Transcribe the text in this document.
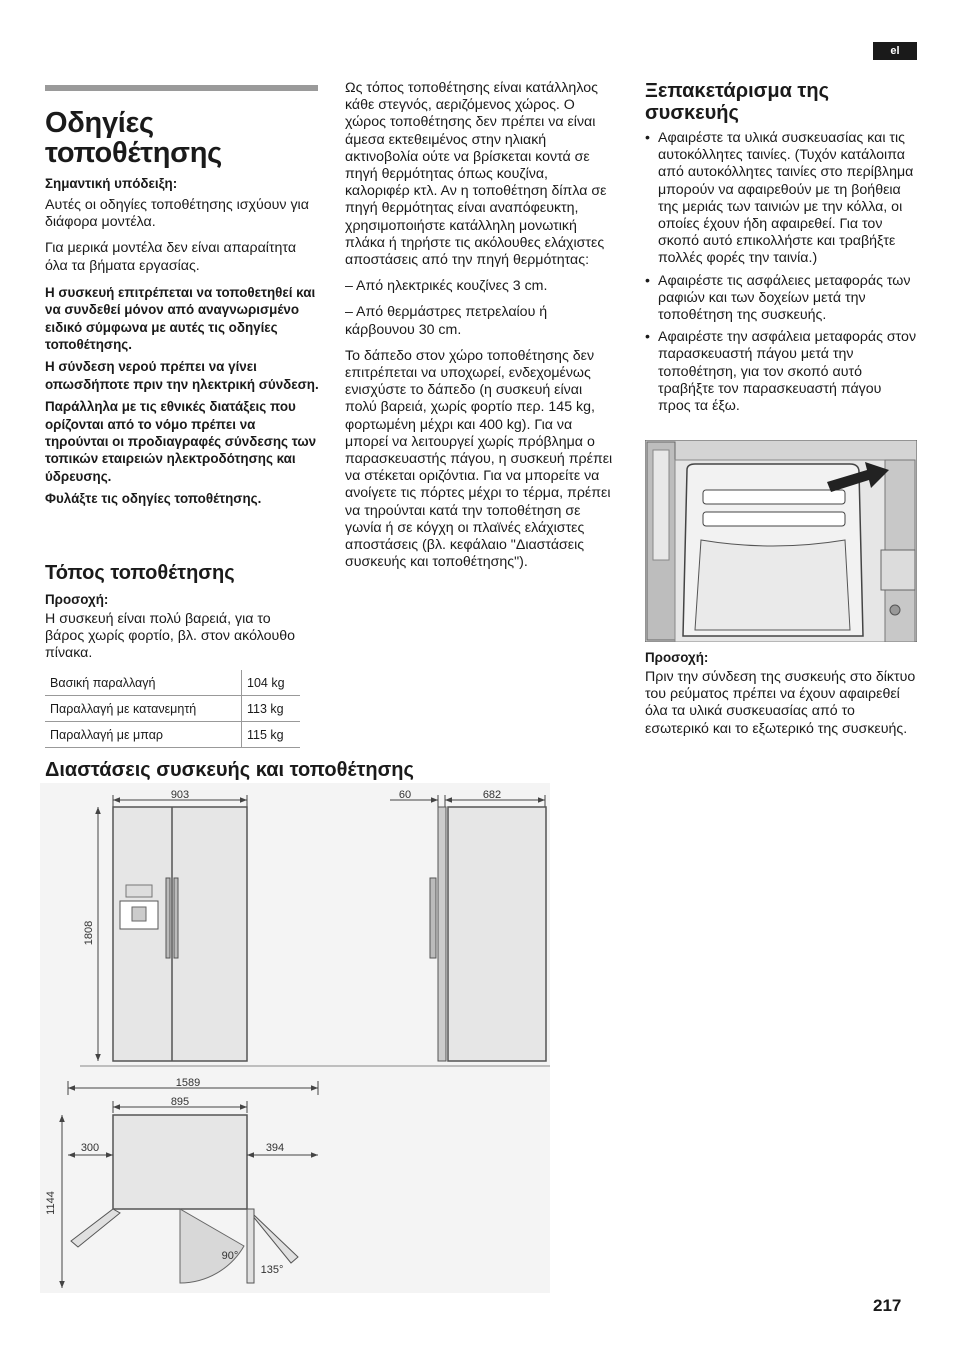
el
Οδηγίες τοποθέτησης

Σημαντική υπόδειξη:

Αυτές οι οδηγίες τοποθέτησης ισχύουν για διάφορα μοντέλα.

Για μερικά μοντέλα δεν είναι απαραίτητα όλα τα βήματα εργασίας.

Η συσκευή επιτρέπεται να τοποθετηθεί και να συνδεθεί μόνον από αναγνωρισμένο ειδικό σύμφωνα με αυτές τις οδηγίες τοποθέτησης.

Η σύνδεση νερού πρέπει να γίνει οπωσδήποτε πριν την ηλεκτρική σύνδεση.

Παράλληλα με τις εθνικές διατάξεις που ορίζονται από το νόμο πρέπει να τηρούνται οι προδιαγραφές σύνδεσης των τοπικών εταιρειών ηλεκτροδότησης και ύδρευσης.

Φυλάξτε τις οδηγίες τοποθέτησης.

Τόπος τοποθέτησης

Προσοχή:

Η συσκευή είναι πολύ βαρειά, για το βάρος χωρίς φορτίο, βλ. στον ακόλουθο πίνακα.

Βασική παραλλαγή	104 kg
Παραλλαγή με κατανεμητή	113 kg
Παραλλαγή με μπαρ	115 kg

Ως τόπος τοποθέτησης είναι κατάλληλος κάθε στεγνός, αεριζόμενος χώρος. Ο χώρος τοποθέτησης δεν πρέπει να είναι άμεσα εκτεθειμένος στην ηλιακή ακτινοβολία ούτε να βρίσκεται κοντά σε πηγή θερμότητας όπως κουζίνα, καλοριφέρ κτλ. Αν η τοποθέτηση δίπλα σε πηγή θερμότητας είναι αναπόφευκτη, χρησιμοποιήστε κατάλληλη μονωτική πλάκα ή τηρήστε τις ακόλουθες ελάχιστες αποστάσεις από την πηγή θερμότητας:

– Από ηλεκτρικές κουζίνες 3 cm.

– Από θερμάστρες πετρελαίου ή κάρβουνου 30 cm.

Το δάπεδο στον χώρο τοποθέτησης δεν επιτρέπεται να υποχωρεί, ενδεχομένως ενισχύστε το δάπεδο (η συσκευή είναι πολύ βαρειά, χωρίς φορτίο περ. 145 kg, φορτωμένη μέχρι και 400 kg). Για να μπορεί να λειτουργεί χωρίς πρόβλημα ο παρασκευαστής πάγου, η συσκευή πρέπει να στέκεται οριζόντια. Για να μπορείτε να ανοίγετε τις πόρτες μέχρι το τέρμα, πρέπει να τηρούνται κατά την τοποθέτηση σε γωνία ή σε κόγχη οι πλαϊνές ελάχιστες αποστάσεις (βλ. κεφάλαιο "Διαστάσεις συσκευής και τοποθέτησης").

Ξεπακετάρισμα της συσκευής
• Αφαιρέστε τα υλικά συσκευασίας και τις αυτοκόλλητες ταινίες. (Τυχόν κατάλοιπα από αυτοκόλλητες ταινίες στο περίβλημα μπορούν να αφαιρεθούν με τη βοήθεια της μεριάς των ταινιών με την κόλλα, οι οποίες έχουν ήδη αφαιρεθεί. Για τον σκοπό αυτό επικολλήστε και τραβήξτε πολλές φορές την ταινία.)
• Αφαιρέστε τις ασφάλειες μεταφοράς των ραφιών και των δοχείων μετά την τοποθέτηση της συσκευής.
• Αφαιρέστε την ασφάλεια μεταφοράς στον παρασκευαστή πάγου μετά την τοποθέτηση, για τον σκοπό αυτό τραβήξτε τον παρασκευαστή πάγου προς τα έξω.

Προσοχή:

Πριν την σύνδεση της συσκευής στο δίκτυο του ρεύματος πρέπει να έχουν αφαιρεθεί όλα τα υλικά συσκευασίας από το εσωτερικό και το εξωτερικό της συσκευής.

Διαστάσεις συσκευής και τοποθέτησης
903
1808
60	682
1589
895
300	394
1144
90°
135°
217
